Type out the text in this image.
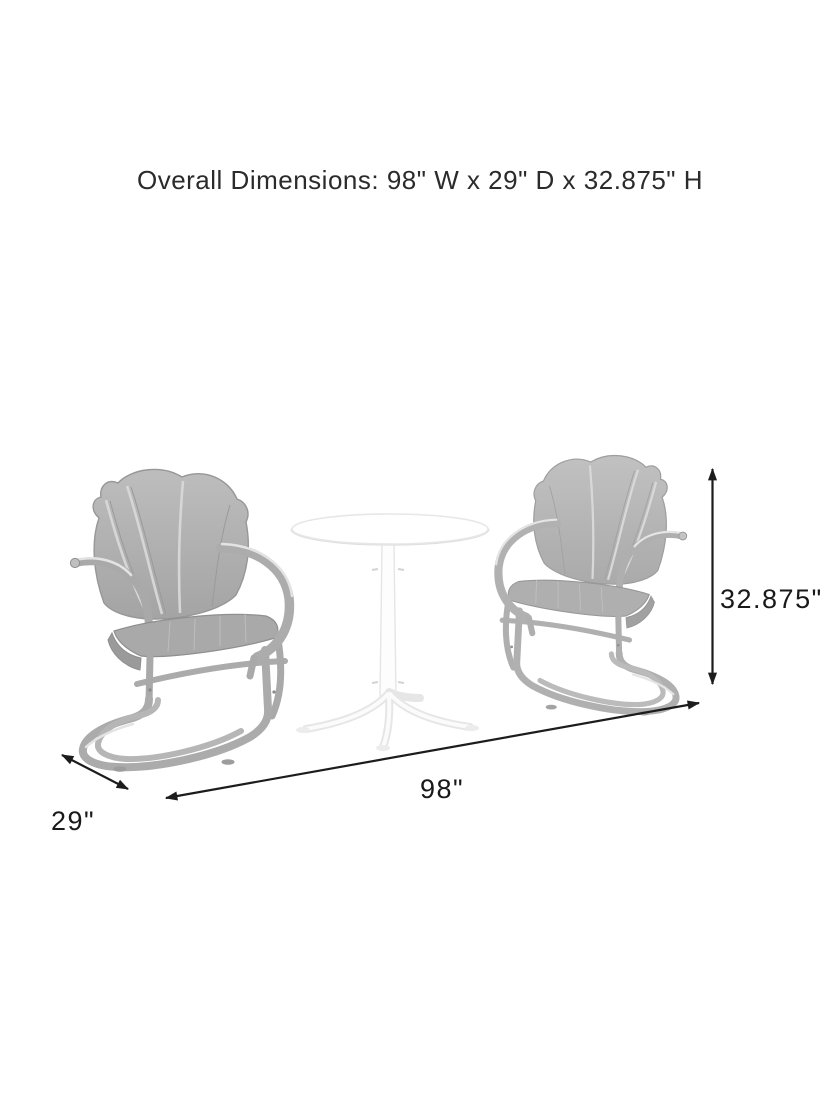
Overall Dimensions: 98" W x 29" D x 32.875" H
32.875"
98"
29"
